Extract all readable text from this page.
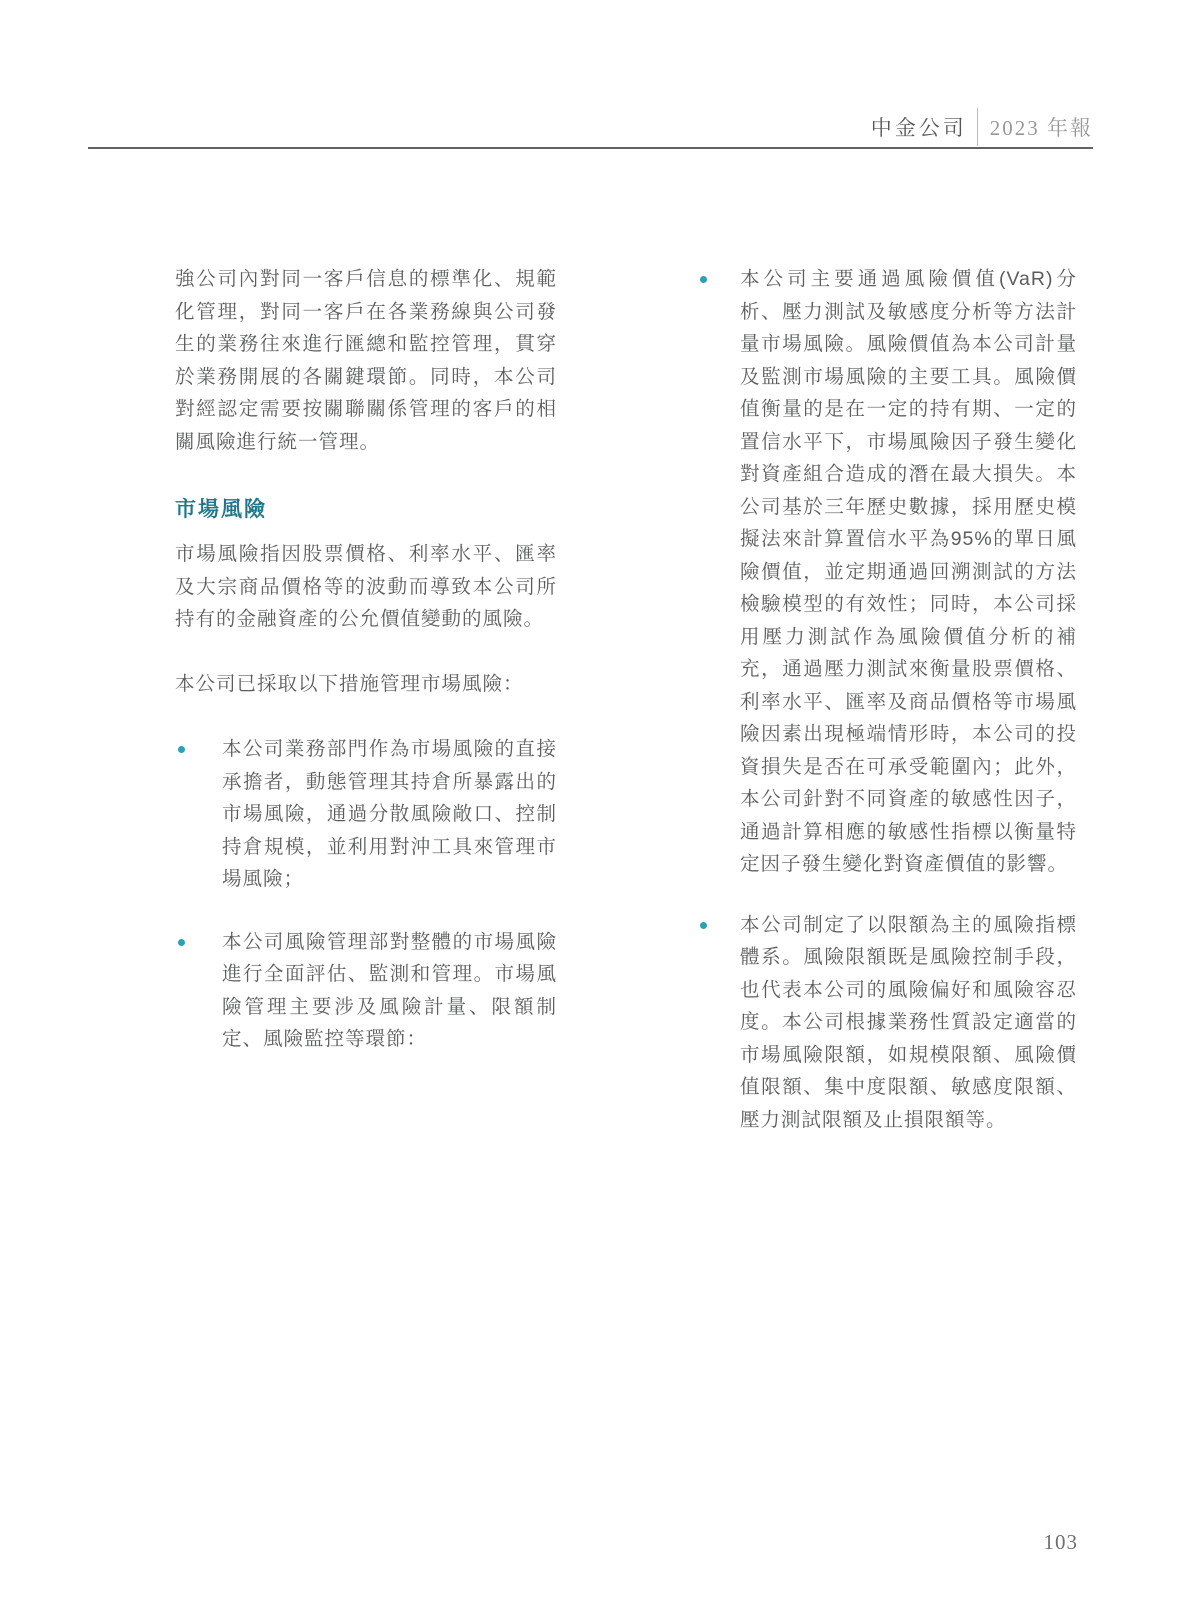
中金公司 2023 年報

強公司內對同一客戶信息的標準化、規範化管理，對同一客戶在各業務線與公司發生的業務往來進行匯總和監控管理，貫穿於業務開展的各關鍵環節。同時，本公司對經認定需要按關聯關係管理的客戶的相關風險進行統一管理。

市場風險

市場風險指因股票價格、利率水平、匯率及大宗商品價格等的波動而導致本公司所持有的金融資產的公允價值變動的風險。

本公司已採取以下措施管理市場風險：

本公司業務部門作為市場風險的直接承擔者，動態管理其持倉所暴露出的市場風險，通過分散風險敞口、控制持倉規模，並利用對沖工具來管理市場風險；
本公司風險管理部對整體的市場風險進行全面評估、監測和管理。市場風險管理主要涉及風險計量、限額制定、風險監控等環節：
本公司主要通過風險價值(VaR)分析、壓力測試及敏感度分析等方法計量市場風險。風險價值為本公司計量及監測市場風險的主要工具。風險價值衡量的是在一定的持有期、一定的置信水平下，市場風險因子發生變化對資產組合造成的潛在最大損失。本公司基於三年歷史數據，採用歷史模擬法來計算置信水平為95%的單日風險價值，並定期通過回溯測試的方法檢驗模型的有效性；同時，本公司採用壓力測試作為風險價值分析的補充，通過壓力測試來衡量股票價格、利率水平、匯率及商品價格等市場風險因素出現極端情形時，本公司的投資損失是否在可承受範圍內；此外，本公司針對不同資產的敏感性因子，通過計算相應的敏感性指標以衡量特定因子發生變化對資產價值的影響。
本公司制定了以限額為主的風險指標體系。風險限額既是風險控制手段，也代表本公司的風險偏好和風險容忍度。本公司根據業務性質設定適當的市場風險限額，如規模限額、風險價值限額、集中度限額、敏感度限額、壓力測試限額及止損限額等。
103
